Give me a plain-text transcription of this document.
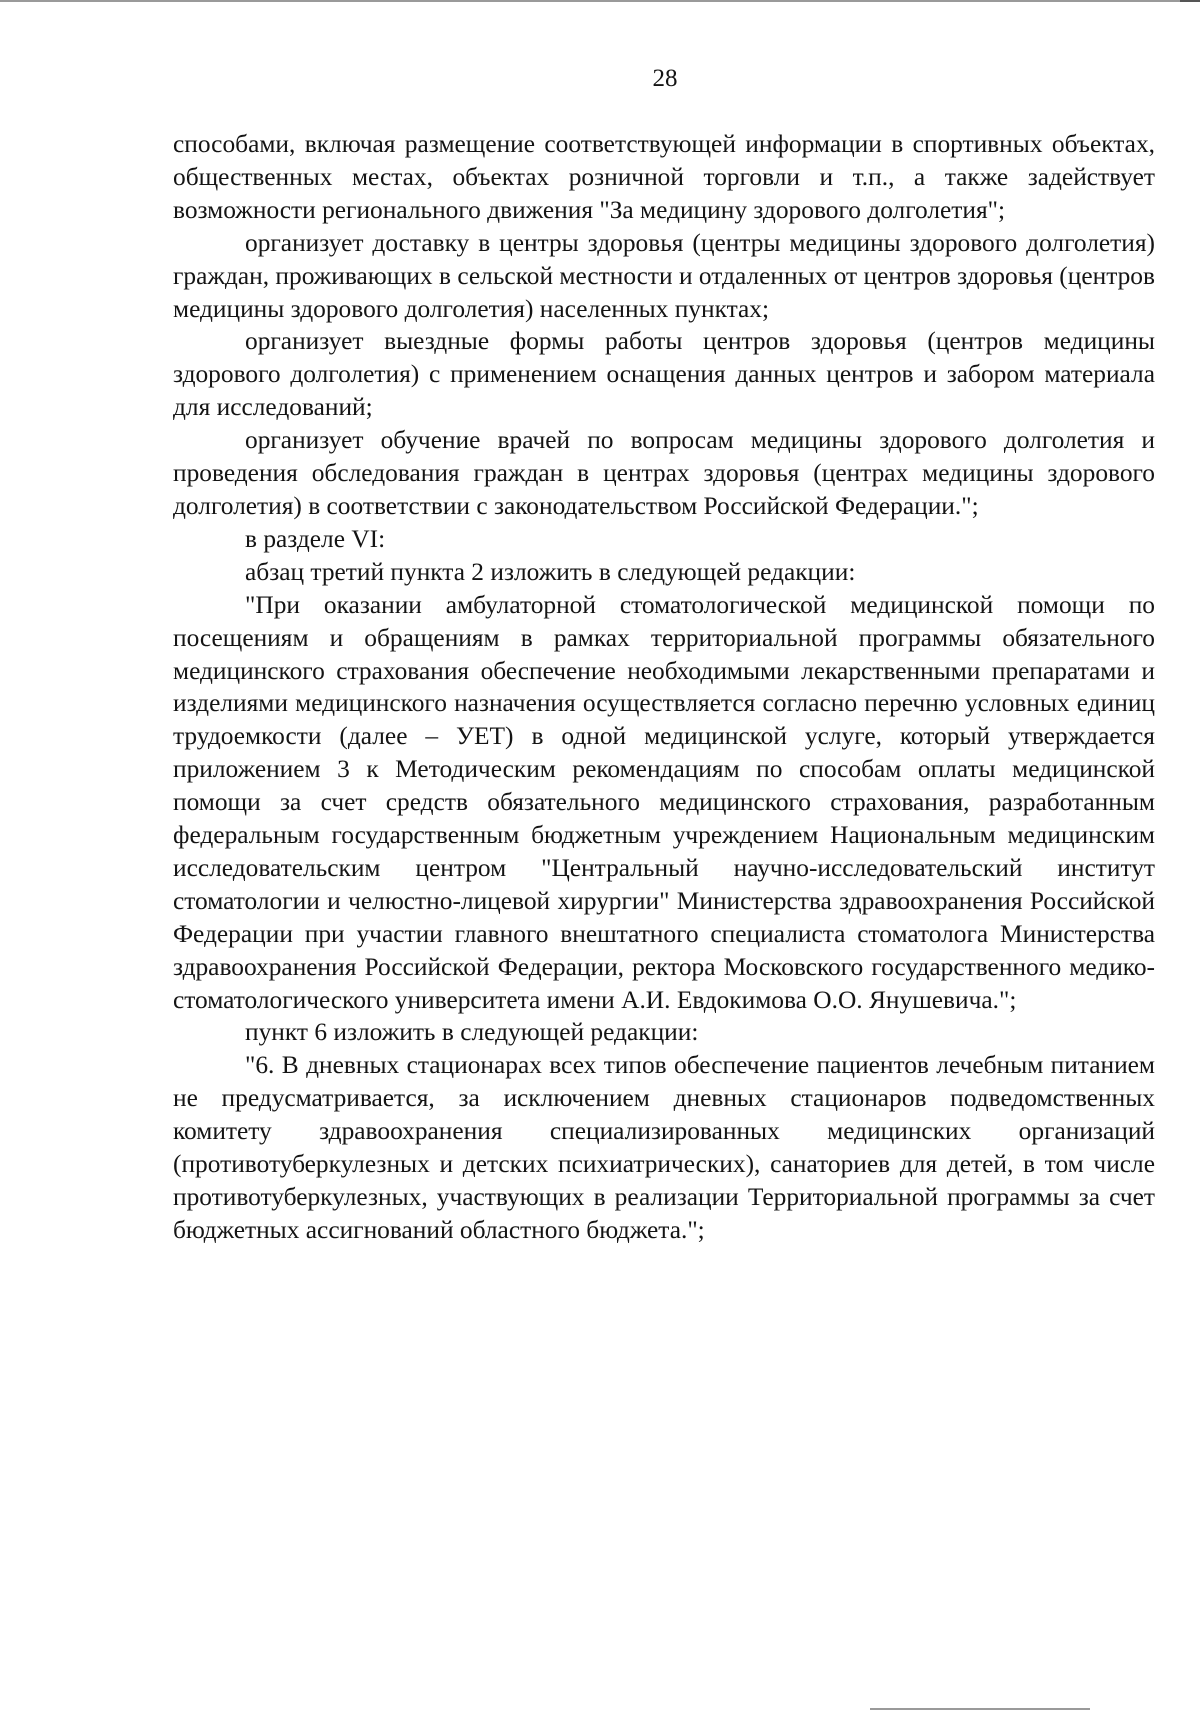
28

способами, включая размещение соответствующей информации в спортивных объектах, общественных местах, объектах розничной торговли и т.п., а также задействует возможности регионального движения "За медицину здорового долголетия";

организует доставку в центры здоровья (центры медицины здорового долголетия) граждан, проживающих в сельской местности и отдаленных от центров здоровья (центров медицины здорового долголетия) населенных пунктах;

организует выездные формы работы центров здоровья (центров медицины здорового долголетия) с применением оснащения данных центров и забором материала для исследований;

организует обучение врачей по вопросам медицины здорового долголетия и проведения обследования граждан в центрах здоровья (центрах медицины здорового долголетия) в соответствии с законодательством Российской Федерации.";

в разделе VI:

абзац третий пункта 2 изложить в следующей редакции:

"При оказании амбулаторной стоматологической медицинской помощи по посещениям и обращениям в рамках территориальной программы обязательного медицинского страхования обеспечение необходимыми лекарственными препаратами и изделиями медицинского назначения осуществляется согласно перечню условных единиц трудоемкости (далее – УЕТ) в одной медицинской услуге, который утверждается приложением 3 к Методическим рекомендациям по способам оплаты медицинской помощи за счет средств обязательного медицинского страхования, разработанным федеральным государственным бюджетным учреждением Национальным медицинским исследовательским центром "Центральный научно-исследовательский институт стоматологии и челюстно-лицевой хирургии" Министерства здравоохранения Российской Федерации при участии главного внештатного специалиста стоматолога Министерства здравоохранения Российской Федерации, ректора Московского государственного медико-стоматологического университета имени А.И. Евдокимова О.О. Янушевича.";

пункт 6 изложить в следующей редакции:

"6. В дневных стационарах всех типов обеспечение пациентов лечебным питанием не предусматривается, за исключением дневных стационаров подведомственных комитету здравоохранения специализированных медицинских организаций (противотуберкулезных и детских психиатрических), санаториев для детей, в том числе противотуберкулезных, участвующих в реализации Территориальной программы за счет бюджетных ассигнований областного бюджета.";
